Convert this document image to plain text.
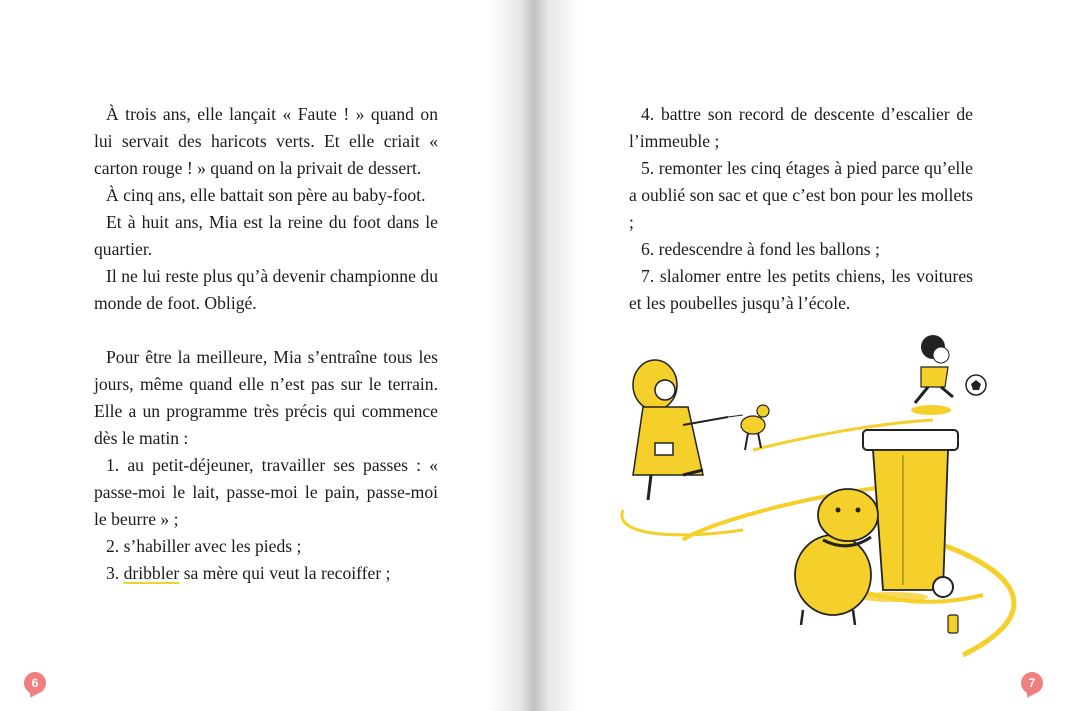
À trois ans, elle lançait « Faute ! » quand on lui servait des haricots verts. Et elle criait « carton rouge ! » quand on la privait de dessert.

À cinq ans, elle battait son père au baby-foot.

Et à huit ans, Mia est la reine du foot dans le quartier.

Il ne lui reste plus qu’à devenir championne du monde de foot. Obligé.

Pour être la meilleure, Mia s’entraîne tous les jours, même quand elle n’est pas sur le terrain. Elle a un programme très précis qui commence dès le matin :

1. au petit-déjeuner, travailler ses passes : « passe-moi le lait, passe-moi le pain, passe-moi le beurre » ;

2. s’habiller avec les pieds ;

3. dribbler sa mère qui veut la recoiffer ;

6

4. battre son record de descente d’escalier de l’immeuble ;

5. remonter les cinq étages à pied parce qu’elle a oublié son sac et que c’est bon pour les mollets ;

6. redescendre à fond les ballons ;

7. slalomer entre les petits chiens, les voitures et les poubelles jusqu’à l’école.

7
